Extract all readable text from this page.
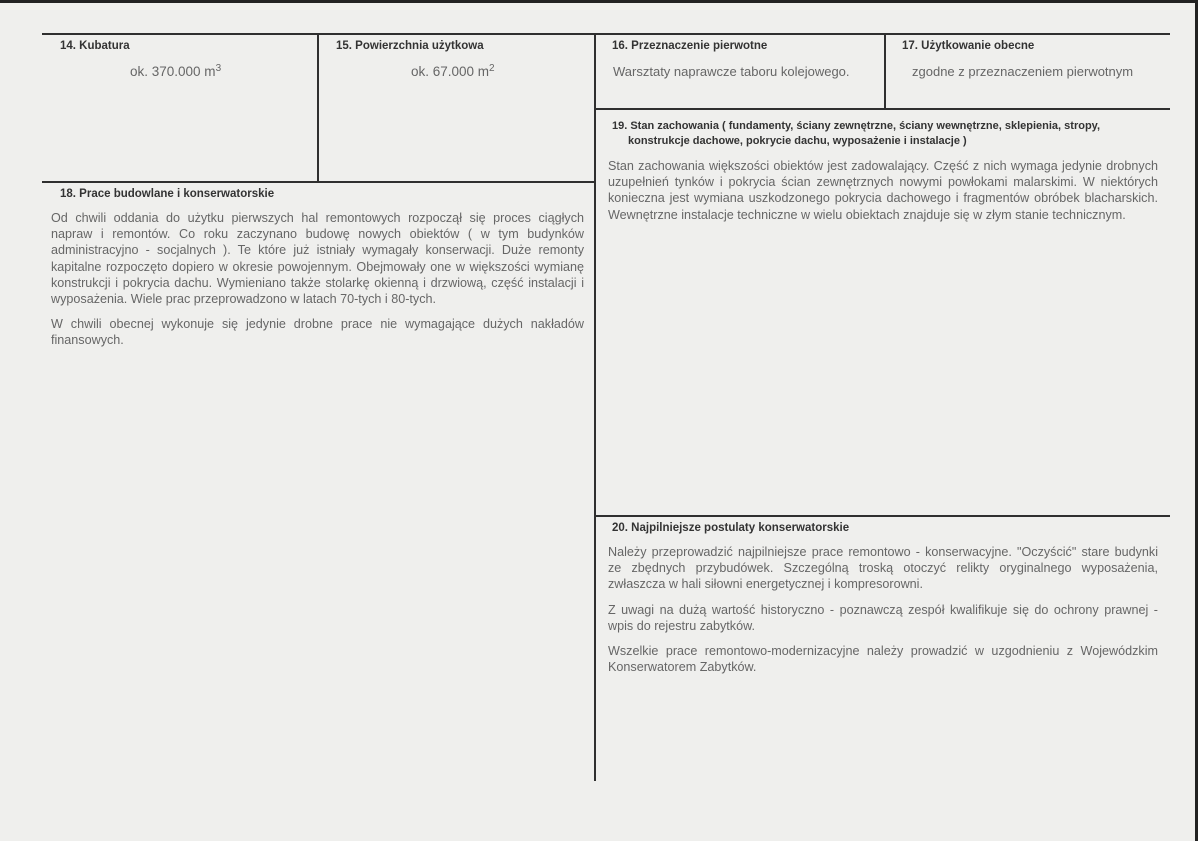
14. Kubatura
ok. 370.000 $m^3$
15. Powierzchnia użytkowa
ok. 67.000 $m^2$
16. Przeznaczenie pierwotne
Warsztaty naprawcze taboru kolejowego.
17. Użytkowanie obecne
zgodne z przeznaczeniem pierwotnym
18. Prace budowlane i konserwatorskie

Od chwili oddania do użytku pierwszych hal remontowych rozpoczął się proces ciągłych napraw i remontów. Co roku zaczynano budowę nowych obiektów ( w tym budynków administracyjno - socjalnych ). Te które już istniały wymagały konserwacji. Duże remonty kapitalne rozpoczęto dopiero w okresie powojennym. Obejmowały one w większości wymianę konstrukcji i pokrycia dachu. Wymieniano także stolarkę okienną i drzwiową, część instalacji i wyposażenia. Wiele prac przeprowadzono w latach 70-tych i 80-tych.

W chwili obecnej wykonuje się jedynie drobne prace nie wymagające dużych nakładów finansowych.

19. Stan zachowania ( fundamenty, ściany zewnętrzne, ściany wewnętrzne, sklepienia, stropy,
konstrukcje dachowe, pokrycie dachu, wyposażenie i instalacje )

Stan zachowania większości obiektów jest zadowalający. Część z nich wymaga jedynie drobnych uzupełnień tynków i pokrycia ścian zewnętrznych nowymi powłokami malarskimi. W niektórych konieczna jest wymiana uszkodzonego pokrycia dachowego i fragmentów obróbek blacharskich. Wewnętrzne instalacje techniczne w wielu obiektach znajduje się w złym stanie technicznym.

20. Najpilniejsze postulaty konserwatorskie

Należy przeprowadzić najpilniejsze prace remontowo - konserwacyjne. "Oczyścić" stare budynki ze zbędnych przybudówek. Szczególną troską otoczyć relikty oryginalnego wyposażenia, zwłaszcza w hali siłowni energetycznej i kompresorowni.

Z uwagi na dużą wartość historyczno - poznawczą zespół kwalifikuje się do ochrony prawnej - wpis do rejestru zabytków.

Wszelkie prace remontowo-modernizacyjne należy prowadzić w uzgodnieniu z Wojewódzkim Konserwatorem Zabytków.
